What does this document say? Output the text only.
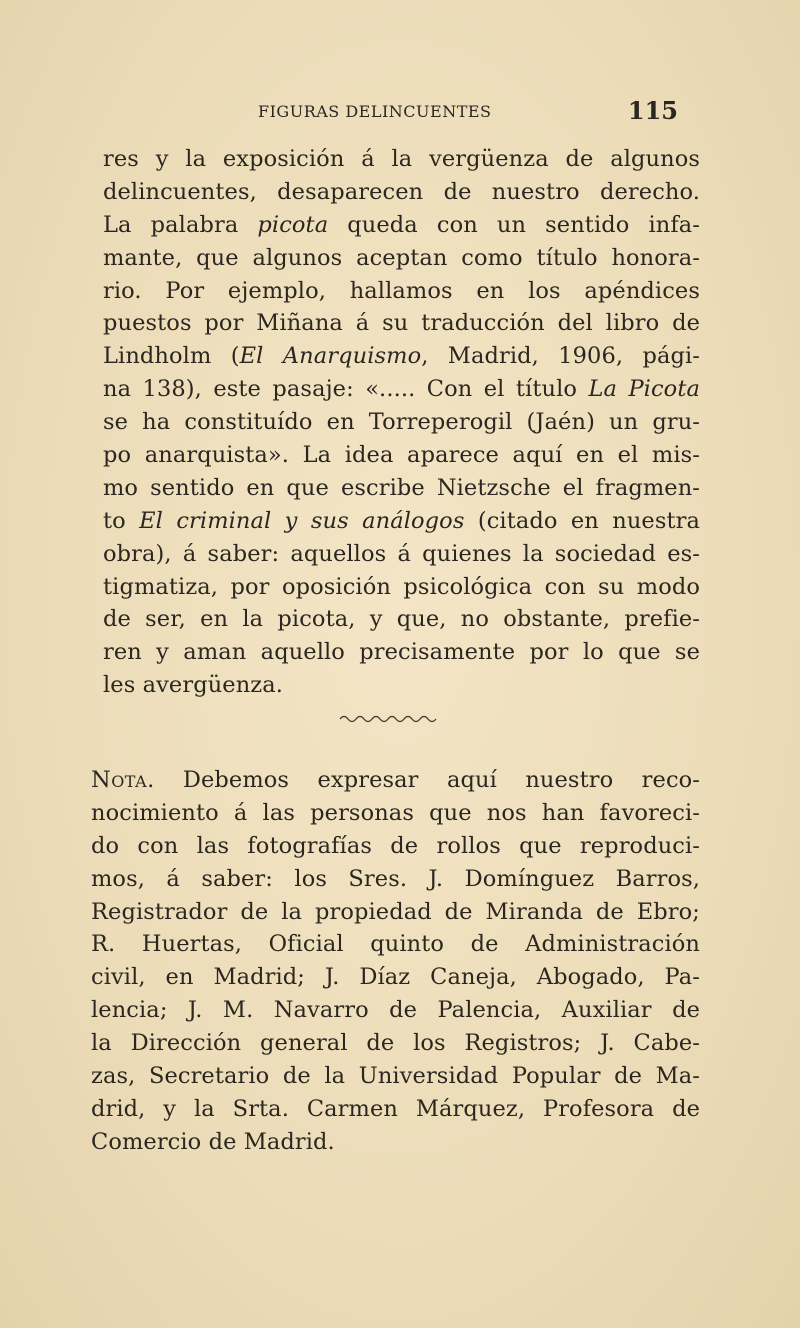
FIGURAS DELINCUENTES	115
res y la exposición á la vergüenza de algunos
delincuentes, desaparecen de nuestro derecho.
La palabra picota queda con un sentido infa-
mante, que algunos aceptan como título honora-
rio. Por ejemplo, hallamos en los apéndices
puestos por Miñana á su traducción del libro de
Lindholm (El Anarquismo, Madrid, 1906, pági-
na 138), este pasaje: «..... Con el título La Picota
se ha constituído en Torreperogil (Jaén) un gru-
po anarquista». La idea aparece aquí en el mis-
mo sentido en que escribe Nietzsche el fragmen-
to El criminal y sus análogos (citado en nuestra
obra), á saber: aquellos á quienes la sociedad es-
tigmatiza, por oposición psicológica con su modo
de ser, en la picota, y que, no obstante, prefie-
ren y aman aquello precisamente por lo que se
les avergüenza.
Nota. Debemos expresar aquí nuestro reco-
nocimiento á las personas que nos han favoreci-
do con las fotografías de rollos que reproduci-
mos, á saber: los Sres. J. Domínguez Barros,
Registrador de la propiedad de Miranda de Ebro;
R. Huertas, Oficial quinto de Administración
civil, en Madrid; J. Díaz Caneja, Abogado, Pa-
lencia; J. M. Navarro de Palencia, Auxiliar de
la Dirección general de los Registros; J. Cabe-
zas, Secretario de la Universidad Popular de Ma-
drid, y la Srta. Carmen Márquez, Profesora de
Comercio de Madrid.
